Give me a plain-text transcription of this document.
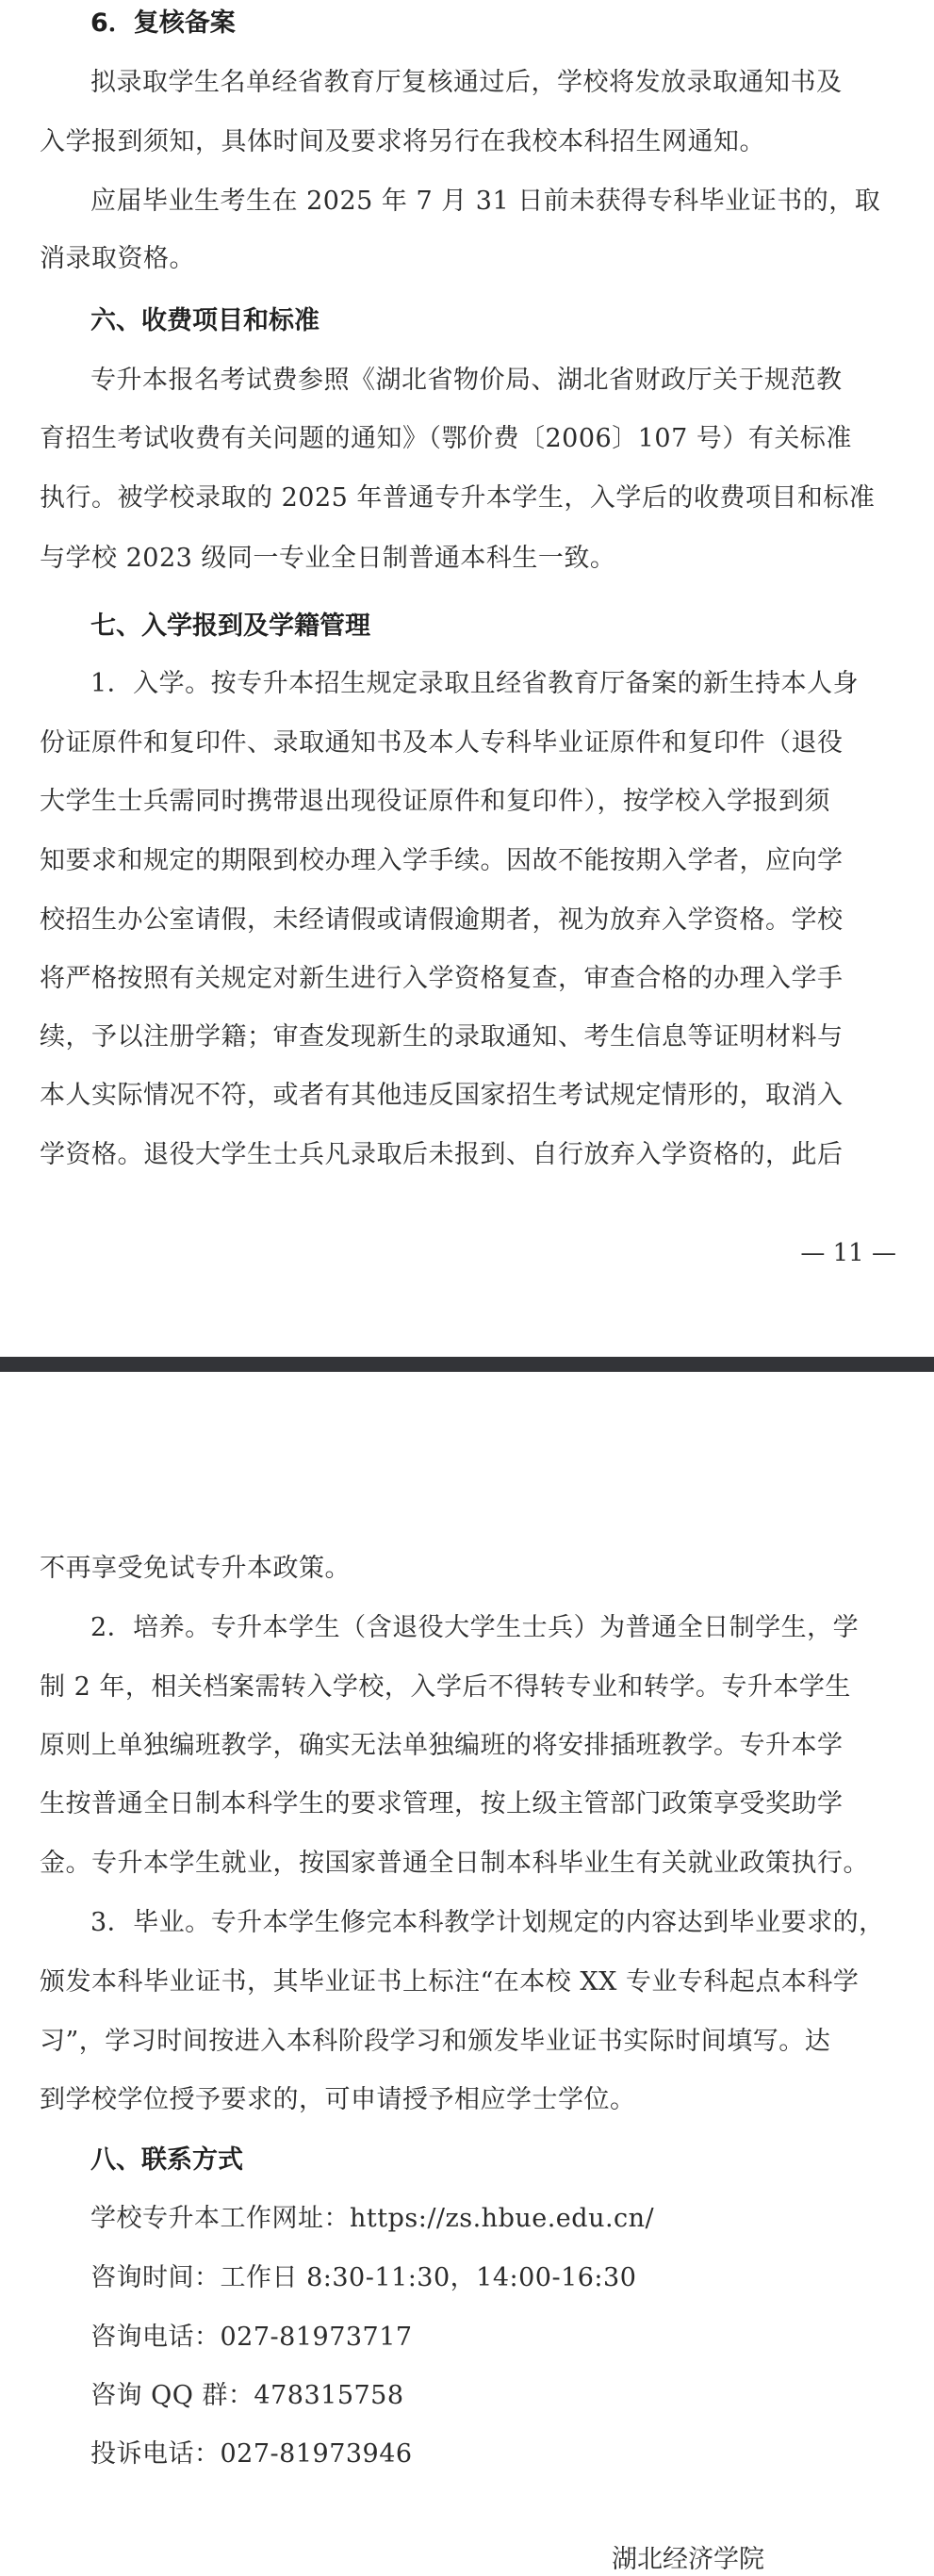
6．复核备案
拟录取学生名单经省教育厅复核通过后，学校将发放录取通知书及
入学报到须知，具体时间及要求将另行在我校本科招生网通知。
应届毕业生考生在 2025 年 7 月 31 日前未获得专科毕业证书的，取
消录取资格。
六、收费项目和标准
专升本报名考试费参照《湖北省物价局、湖北省财政厅关于规范教
育招生考试收费有关问题的通知》（鄂价费〔2006〕107 号）有关标准
执行。被学校录取的 2025 年普通专升本学生，入学后的收费项目和标准
与学校 2023 级同一专业全日制普通本科生一致。
七、入学报到及学籍管理
1．入学。按专升本招生规定录取且经省教育厅备案的新生持本人身
份证原件和复印件、录取通知书及本人专科毕业证原件和复印件（退役
大学生士兵需同时携带退出现役证原件和复印件），按学校入学报到须
知要求和规定的期限到校办理入学手续。因故不能按期入学者，应向学
校招生办公室请假，未经请假或请假逾期者，视为放弃入学资格。学校
将严格按照有关规定对新生进行入学资格复查，审查合格的办理入学手
续，予以注册学籍；审查发现新生的录取通知、考生信息等证明材料与
本人实际情况不符，或者有其他违反国家招生考试规定情形的，取消入
学资格。退役大学生士兵凡录取后未报到、自行放弃入学资格的，此后
— 11 —
不再享受免试专升本政策。
2．培养。专升本学生（含退役大学生士兵）为普通全日制学生，学
制 2 年，相关档案需转入学校，入学后不得转专业和转学。专升本学生
原则上单独编班教学，确实无法单独编班的将安排插班教学。专升本学
生按普通全日制本科学生的要求管理，按上级主管部门政策享受奖助学
金。专升本学生就业，按国家普通全日制本科毕业生有关就业政策执行。
3．毕业。专升本学生修完本科教学计划规定的内容达到毕业要求的，
颁发本科毕业证书，其毕业证书上标注“在本校 XX 专业专科起点本科学
习”，学习时间按进入本科阶段学习和颁发毕业证书实际时间填写。达
到学校学位授予要求的，可申请授予相应学士学位。
八、联系方式
学校专升本工作网址：https://zs.hbue.edu.cn/
咨询时间：工作日 8:30-11:30，14:00-16:30
咨询电话：027-81973717
咨询 QQ 群：478315758
投诉电话：027-81973946
湖北经济学院
